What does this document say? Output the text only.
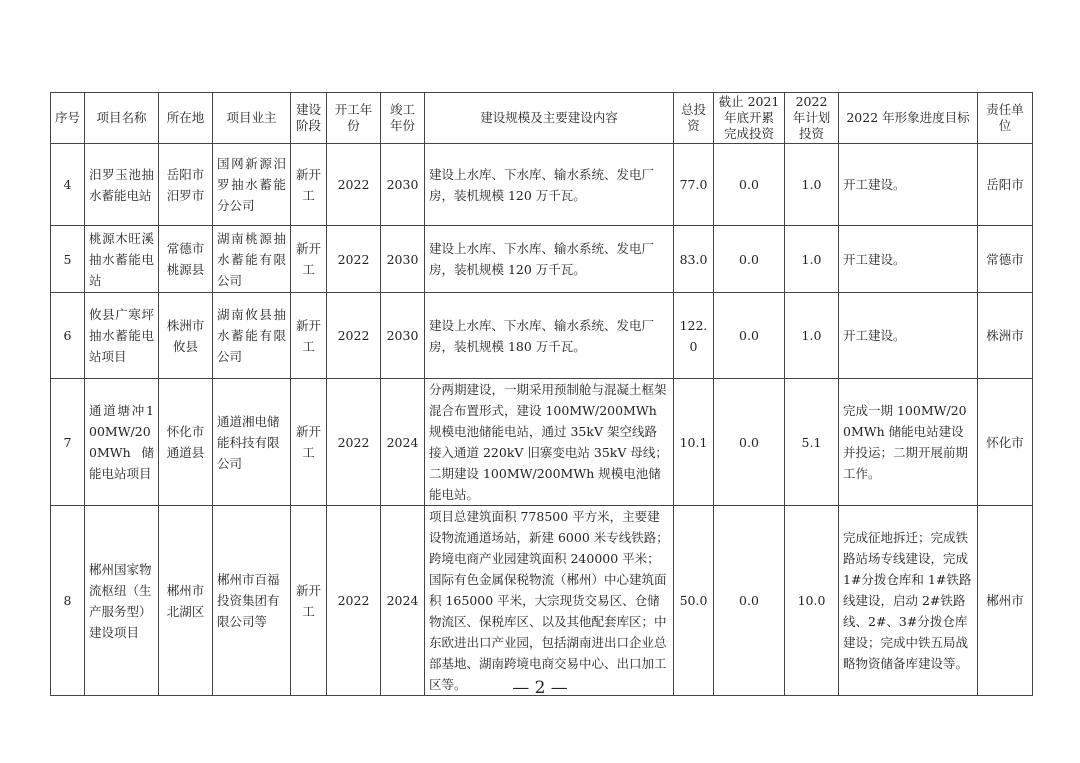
序号	项目名称	所在地	项目业主	建设阶段	开工年份	竣工年份	建设规模及主要建设内容	总投资	截止 2021 年底开累完成投资	2022 年计划投资	2022 年形象进度目标	责任单位
4	汨罗玉池抽水蓄能电站	岳阳市汨罗市	国网新源汨罗抽水蓄能分公司	新开工	2022	2030	建设上水库、下水库、输水系统、发电厂房，装机规模 120 万千瓦。	77.0	0.0	1.0	开工建设。	岳阳市
5	桃源木旺溪抽水蓄能电站	常德市桃源县	湖南桃源抽水蓄能有限公司	新开工	2022	2030	建设上水库、下水库、输水系统、发电厂房，装机规模 120 万千瓦。	83.0	0.0	1.0	开工建设。	常德市
6	攸县广寒坪抽水蓄能电站项目	株洲市攸县	湖南攸县抽水蓄能有限公司	新开工	2022	2030	建设上水库、下水库、输水系统、发电厂房，装机规模 180 万千瓦。	122.0	0.0	1.0	开工建设。	株洲市
7	通道塘冲100MW/200MWh储能电站项目	怀化市通道县	通道湘电储能科技有限公司	新开工	2022	2024	分两期建设，一期采用预制舱与混凝土框架混合布置形式，建设 100MW/200MWh 规模电池储能电站，通过 35kV 架空线路接入通道 220kV 旧寨变电站 35kV 母线；二期建设 100MW/200MWh 规模电池储能电站。	10.1	0.0	5.1	完成一期 100MW/200MWh 储能电站建设并投运；二期开展前期工作。	怀化市
8	郴州国家物流枢纽（生产服务型）建设项目	郴州市北湖区	郴州市百福投资集团有限公司等	新开工	2022	2024	项目总建筑面积 778500 平方米，主要建设物流通道场站，新建 6000 米专线铁路；跨境电商产业园建筑面积 240000 平米；国际有色金属保税物流（郴州）中心建筑面积 165000 平米，大宗现货交易区、仓储物流区、保税库区、以及其他配套库区；中东欧进出口产业园，包括湖南进出口企业总部基地、湖南跨境电商交易中心、出口加工区等。	50.0	0.0	10.0	完成征地拆迁；完成铁路站场专线建设，完成 1#分拨仓库和 1#铁路线建设，启动 2#铁路线、2#、3#分拨仓库建设；完成中铁五局战略物资储备库建设等。	郴州市
— 2 —
